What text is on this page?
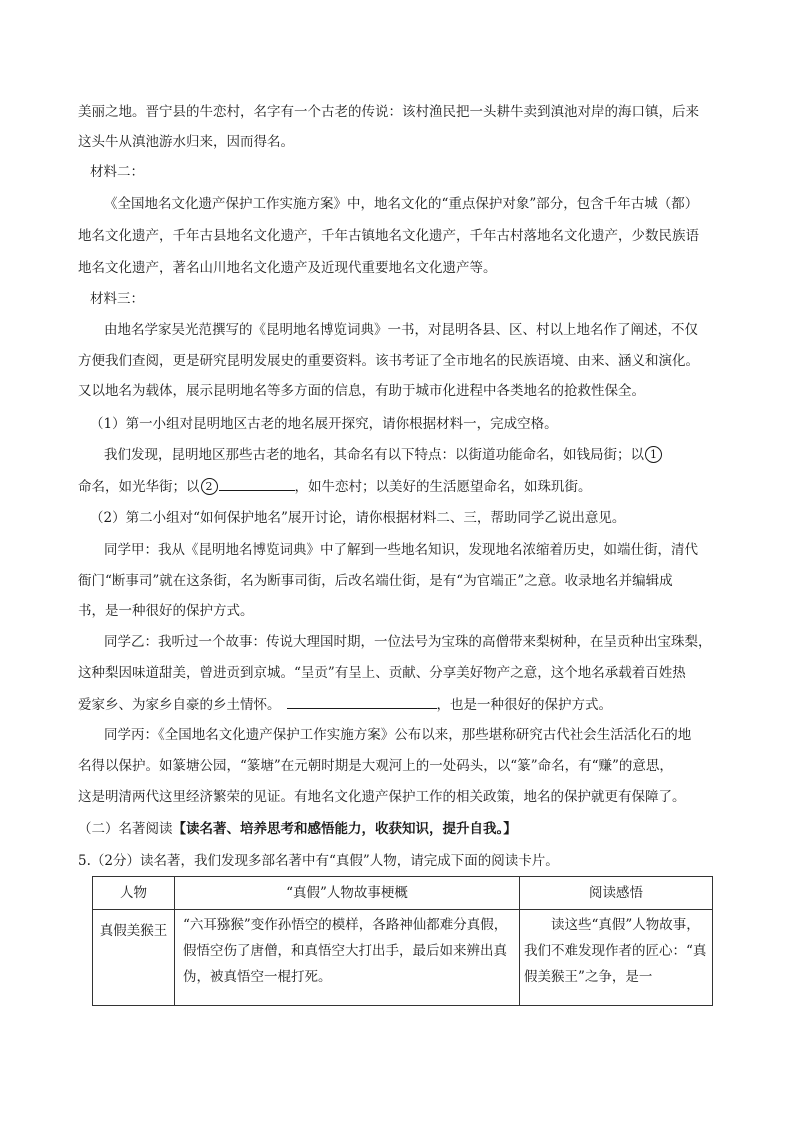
美丽之地。晋宁县的牛恋村，名字有一个古老的传说：该村渔民把一头耕牛卖到滇池对岸的海口镇，后来
这头牛从滇池游水归来，因而得名。
材料二：
《全国地名文化遗产保护工作实施方案》中，地名文化的“重点保护对象”部分，包含千年古城（都）
地名文化遗产，千年古县地名文化遗产，千年古镇地名文化遗产，千年古村落地名文化遗产，少数民族语
地名文化遗产，著名山川地名文化遗产及近现代重要地名文化遗产等。
材料三：
由地名学家吴光范撰写的《昆明地名博览词典》一书，对昆明各县、区、村以上地名作了阐述，不仅
方便我们查阅，更是研究昆明发展史的重要资料。该书考证了全市地名的民族语境、由来、涵义和演化。
又以地名为载体，展示昆明地名等多方面的信息，有助于城市化进程中各类地名的抢救性保全。
（1）第一小组对昆明地区古老的地名展开探究，请你根据材料一，完成空格。
我们发现，昆明地区那些古老的地名，其命名有以下特点：以街道功能命名，如钱局街；以 1
命名，如光华街；以 2	，如牛恋村；以美好的生活愿望命名，如珠玑街。
（2）第二小组对“如何保护地名”展开讨论，请你根据材料二、三，帮助同学乙说出意见。
同学甲：我从《昆明地名博览词典》中了解到一些地名知识，发现地名浓缩着历史，如端仕街，清代
衙门“断事司”就在这条街，名为断事司街，后改名端仕街，是有“为官端正”之意。收录地名并编辑成
书，是一种很好的保护方式。
同学乙：我听过一个故事：传说大理国时期，一位法号为宝珠的高僧带来梨树种，在呈贡种出宝珠梨，
这种梨因味道甜美，曾进贡到京城。“呈贡”有呈上、贡献、分享美好物产之意，这个地名承载着百姓热
爱家乡、为家乡自豪的乡土情怀。	，也是一种很好的保护方式。
同学丙：《全国地名文化遗产保护工作实施方案》公布以来，那些堪称研究古代社会生活活化石的地
名得以保护。如篆塘公园，“篆塘”在元朝时期是大观河上的一处码头，以“篆”命名，有“赚”的意思，
这是明清两代这里经济繁荣的见证。有地名文化遗产保护工作的相关政策，地名的保护就更有保障了。
（二）名著阅读【读名著、培养思考和感悟能力，收获知识，提升自我。】
5.（2分）读名著，我们发现多部名著中有“真假”人物，请完成下面的阅读卡片。
人物	“真假”人物故事梗概	阅读感悟
真假美猴王	“六耳猕猴”变作孙悟空的模样，各路神仙都难分真假，假悟空伤了唐僧，和真悟空大打出手，最后如来辨出真伪，被真悟空一棍打死。	读这些“真假”人物故事，我们不难发现作者的匠心：“真假美猴王”之争，是一
